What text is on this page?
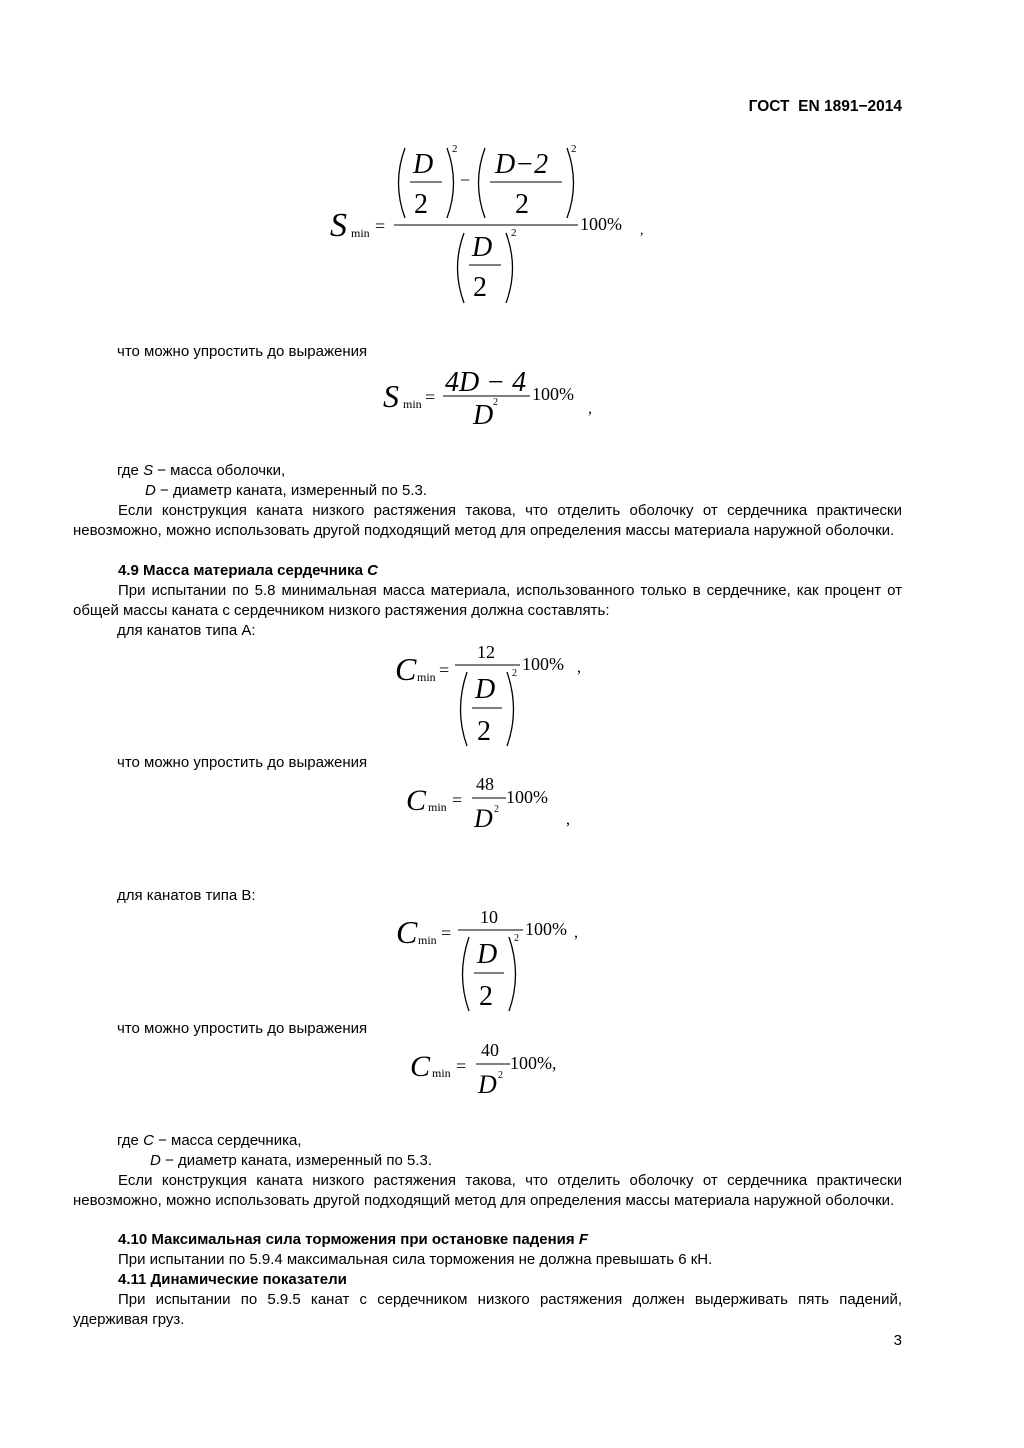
ГОСТ  EN 1891−2014
S min =
D
2
2
− D−2
2
2
100% ,
D
2
2
что можно упростить до выражения
S min = 4D − 4
D 2 100%
,
где S − масса оболочки,
D − диаметр каната, измеренный по 5.3.
Если конструкция каната низкого растяжения такова, что отделить оболочку от сердечника практически невозможно, можно использовать другой подходящий метод для определения массы материала наружной оболочки.
4.9 Масса материала сердечника C
При испытании по 5.8 минимальная масса материала, использованного только в сердечнике, как процент от общей массы каната с сердечником низкого растяжения должна составлять:
для канатов типа А:
C min =
12
D
2
2 100% ,
что можно упростить до выражения
C min =
48
D 2
100%
,
для канатов типа В:
C min =
10
D
2
2 100% ,
что можно упростить до выражения
C min =
40
D 2
100%,
где C − масса сердечника,
D − диаметр каната, измеренный по 5.3.
Если конструкция каната низкого растяжения такова, что отделить оболочку от сердечника практически невозможно, можно использовать другой подходящий метод для определения массы материала наружной оболочки.
4.10 Максимальная сила торможения при остановке падения F
При испытании по 5.9.4 максимальная сила торможения не должна превышать 6 кН.
4.11 Динамические показатели
При испытании по 5.9.5 канат с сердечником низкого растяжения должен выдерживать пять падений, удерживая груз.
3
